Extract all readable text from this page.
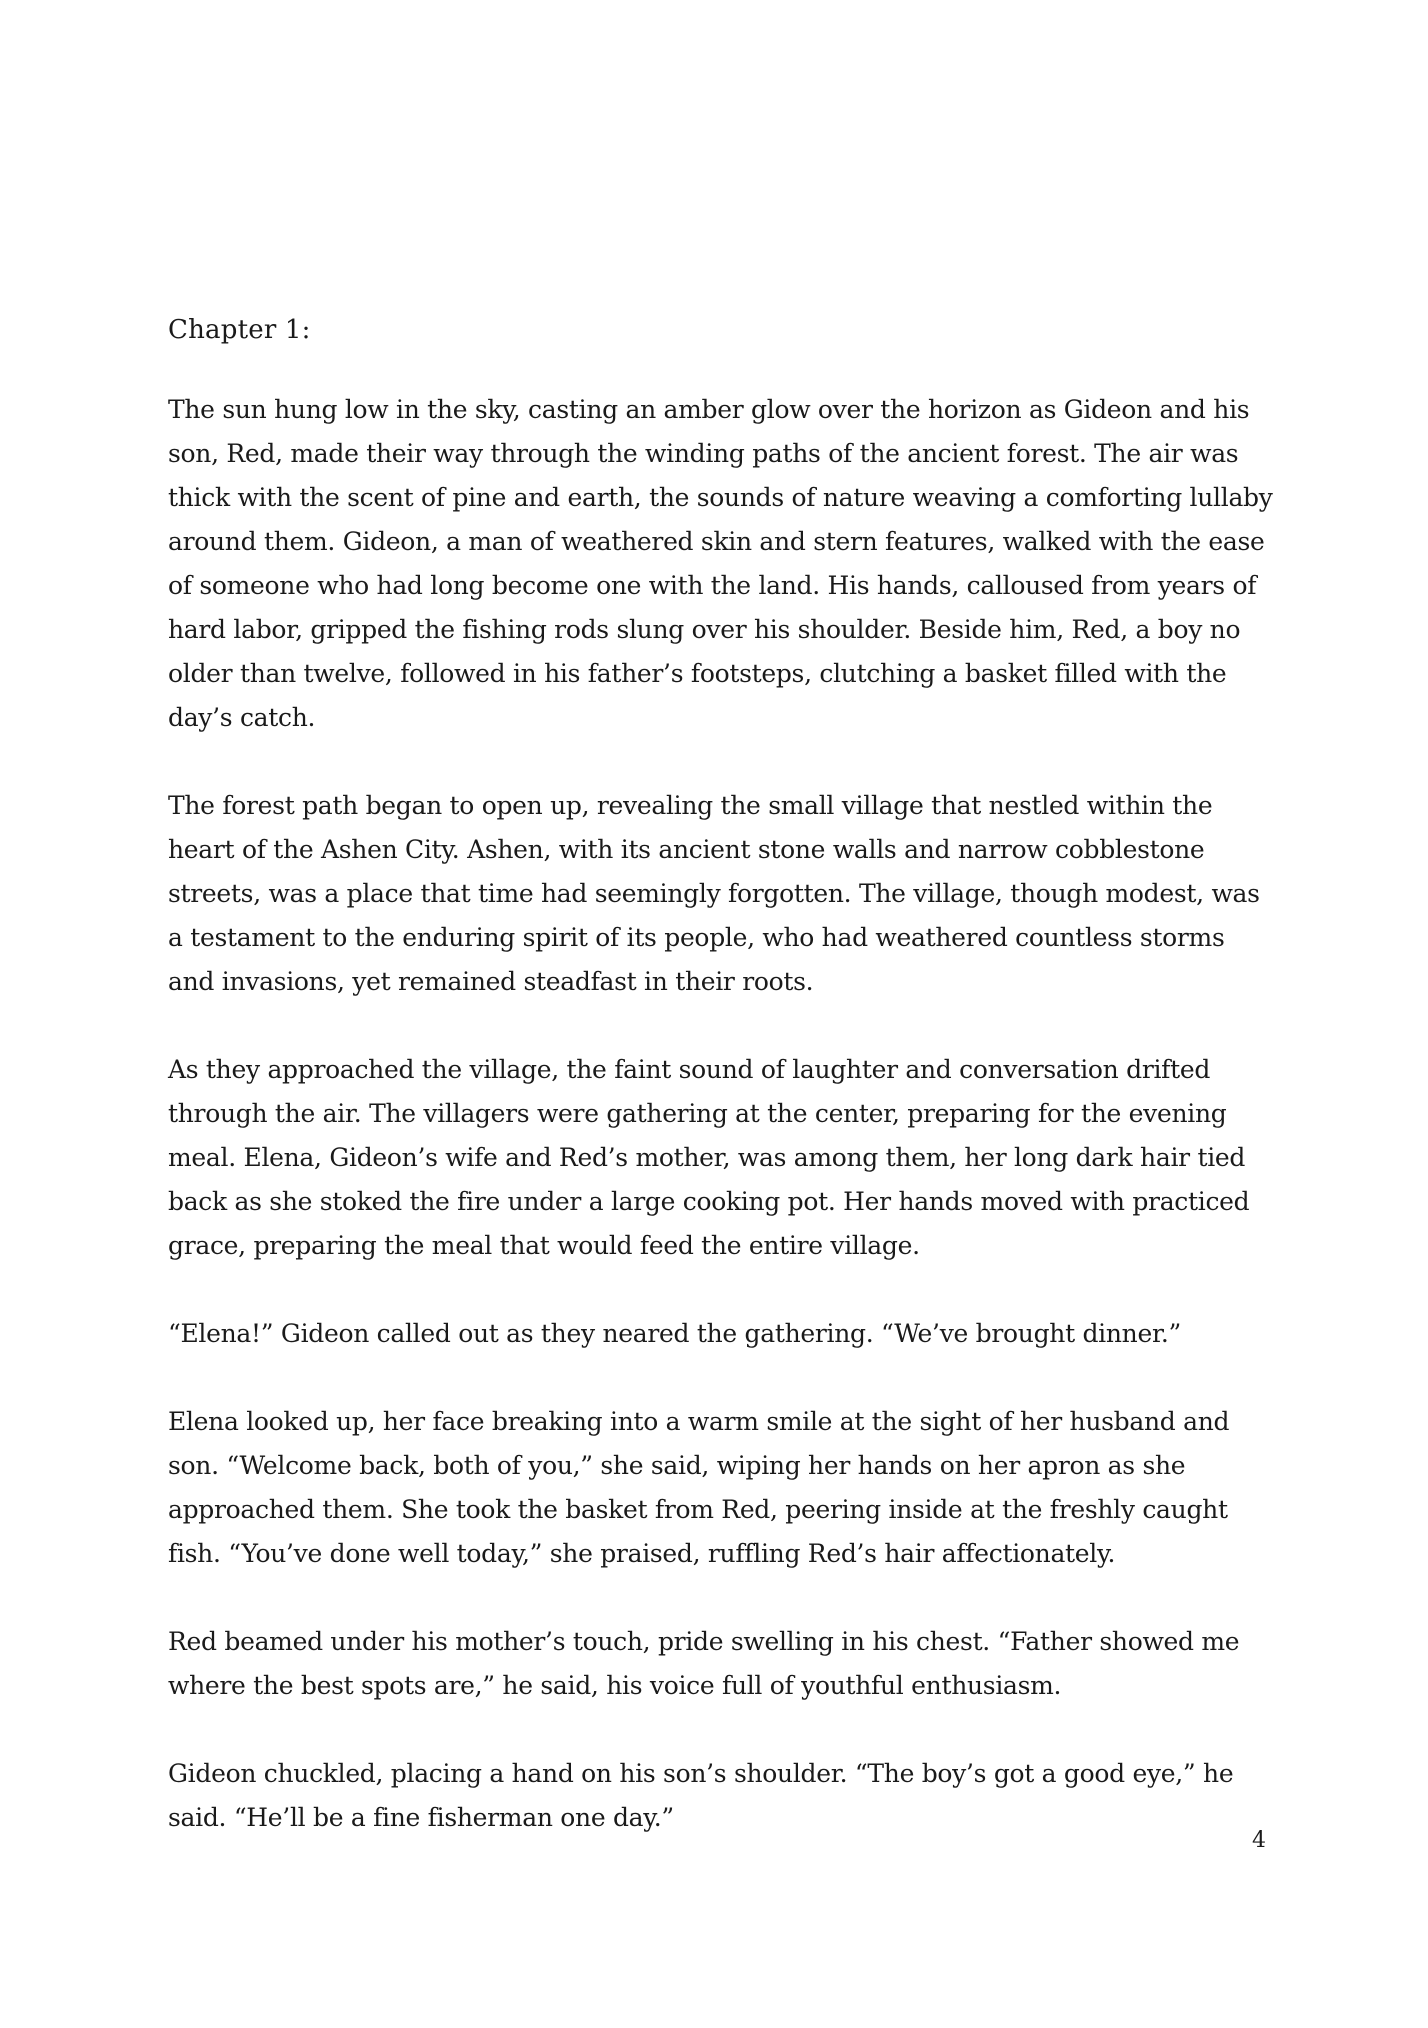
Chapter 1:

The sun hung low in the sky, casting an amber glow over the horizon as Gideon and his son, Red, made their way through the winding paths of the ancient forest. The air was thick with the scent of pine and earth, the sounds of nature weaving a comforting lullaby around them. Gideon, a man of weathered skin and stern features, walked with the ease of someone who had long become one with the land. His hands, calloused from years of hard labor, gripped the fishing rods slung over his shoulder. Beside him, Red, a boy no older than twelve, followed in his father’s footsteps, clutching a basket filled with the day’s catch.

The forest path began to open up, revealing the small village that nestled within the heart of the Ashen City. Ashen, with its ancient stone walls and narrow cobblestone streets, was a place that time had seemingly forgotten. The village, though modest, was a testament to the enduring spirit of its people, who had weathered countless storms and invasions, yet remained steadfast in their roots.

As they approached the village, the faint sound of laughter and conversation drifted through the air. The villagers were gathering at the center, preparing for the evening meal. Elena, Gideon’s wife and Red’s mother, was among them, her long dark hair tied back as she stoked the fire under a large cooking pot. Her hands moved with practiced grace, preparing the meal that would feed the entire village.

“Elena!” Gideon called out as they neared the gathering. “We’ve brought dinner.”

Elena looked up, her face breaking into a warm smile at the sight of her husband and son. “Welcome back, both of you,” she said, wiping her hands on her apron as she approached them. She took the basket from Red, peering inside at the freshly caught fish. “You’ve done well today,” she praised, ruffling Red’s hair affectionately.

Red beamed under his mother’s touch, pride swelling in his chest. “Father showed me where the best spots are,” he said, his voice full of youthful enthusiasm.

Gideon chuckled, placing a hand on his son’s shoulder. “The boy’s got a good eye,” he said. “He’ll be a fine fisherman one day.”

4
